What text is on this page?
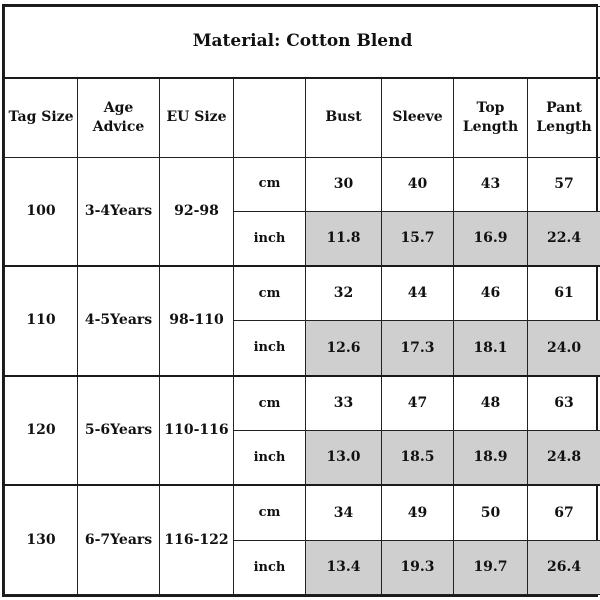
Material: Cotton Blend							
Tag Size	Age Advice	EU Size		Bust	Sleeve	Top Length	Pant Length
100	3-4Years	92-98	cm	30	40	43	57
			inch	11.8	15.7	16.9	22.4
110	4-5Years	98-110	cm	32	44	46	61
			inch	12.6	17.3	18.1	24.0
120	5-6Years	110-116	cm	33	47	48	63
			inch	13.0	18.5	18.9	24.8
130	6-7Years	116-122	cm	34	49	50	67
			inch	13.4	19.3	19.7	26.4
